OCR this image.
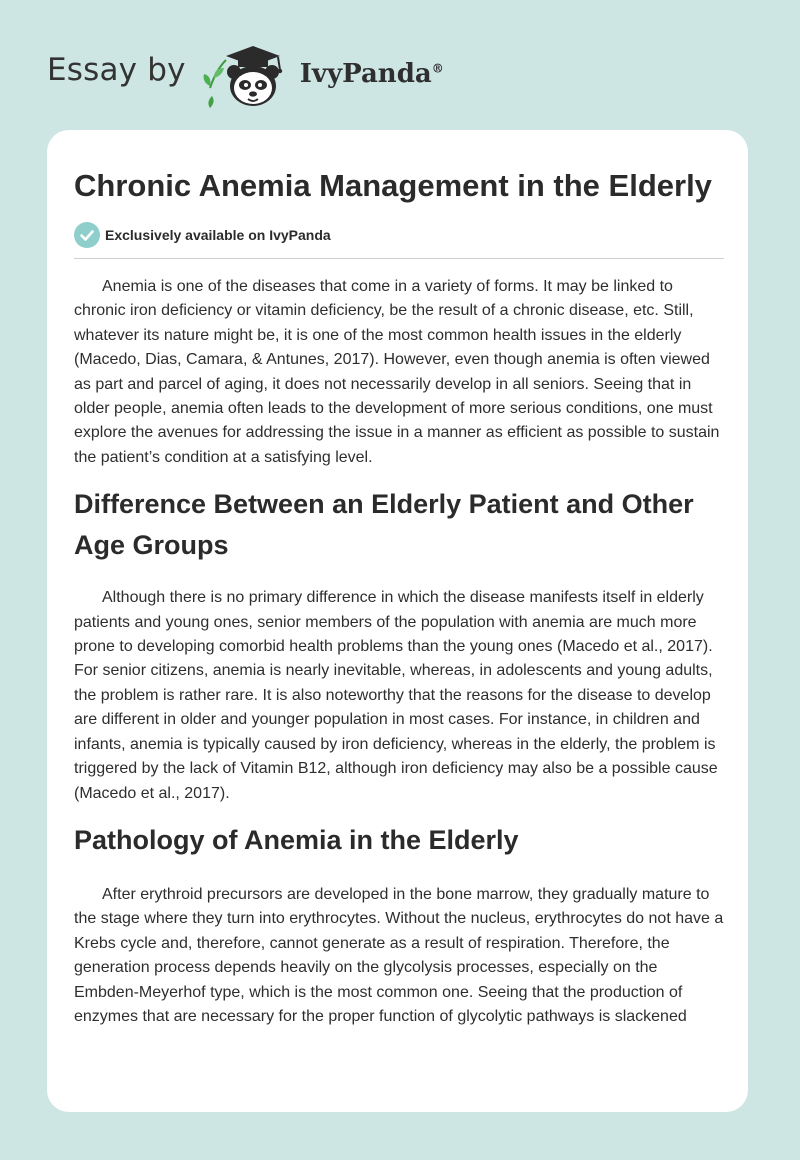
Essay by	IvyPanda®
Chronic Anemia Management in the Elderly
Exclusively available on IvyPanda

Anemia is one of the diseases that come in a variety of forms. It may be linked to chronic iron deficiency or vitamin deficiency, be the result of a chronic disease, etc. Still, whatever its nature might be, it is one of the most common health issues in the elderly (Macedo, Dias, Camara, & Antunes, 2017). However, even though anemia is often viewed as part and parcel of aging, it does not necessarily develop in all seniors. Seeing that in older people, anemia often leads to the development of more serious conditions, one must explore the avenues for addressing the issue in a manner as efficient as possible to sustain the patient’s condition at a satisfying level.

Difference Between an Elderly Patient and Other Age Groups

Although there is no primary difference in which the disease manifests itself in elderly patients and young ones, senior members of the population with anemia are much more prone to developing comorbid health problems than the young ones (Macedo et al., 2017). For senior citizens, anemia is nearly inevitable, whereas, in adolescents and young adults, the problem is rather rare. It is also noteworthy that the reasons for the disease to develop are different in older and younger population in most cases. For instance, in children and infants, anemia is typically caused by iron deficiency, whereas in the elderly, the problem is triggered by the lack of Vitamin B12, although iron deficiency may also be a possible cause (Macedo et al., 2017).

Pathology of Anemia in the Elderly

After erythroid precursors are developed in the bone marrow, they gradually mature to the stage where they turn into erythrocytes. Without the nucleus, erythrocytes do not have a Krebs cycle and, therefore, cannot generate as a result of respiration. Therefore, the generation process depends heavily on the glycolysis processes, especially on the Embden-Meyerhof type, which is the most common one. Seeing that the production of enzymes that are necessary for the proper function of glycolytic pathways is slackened
